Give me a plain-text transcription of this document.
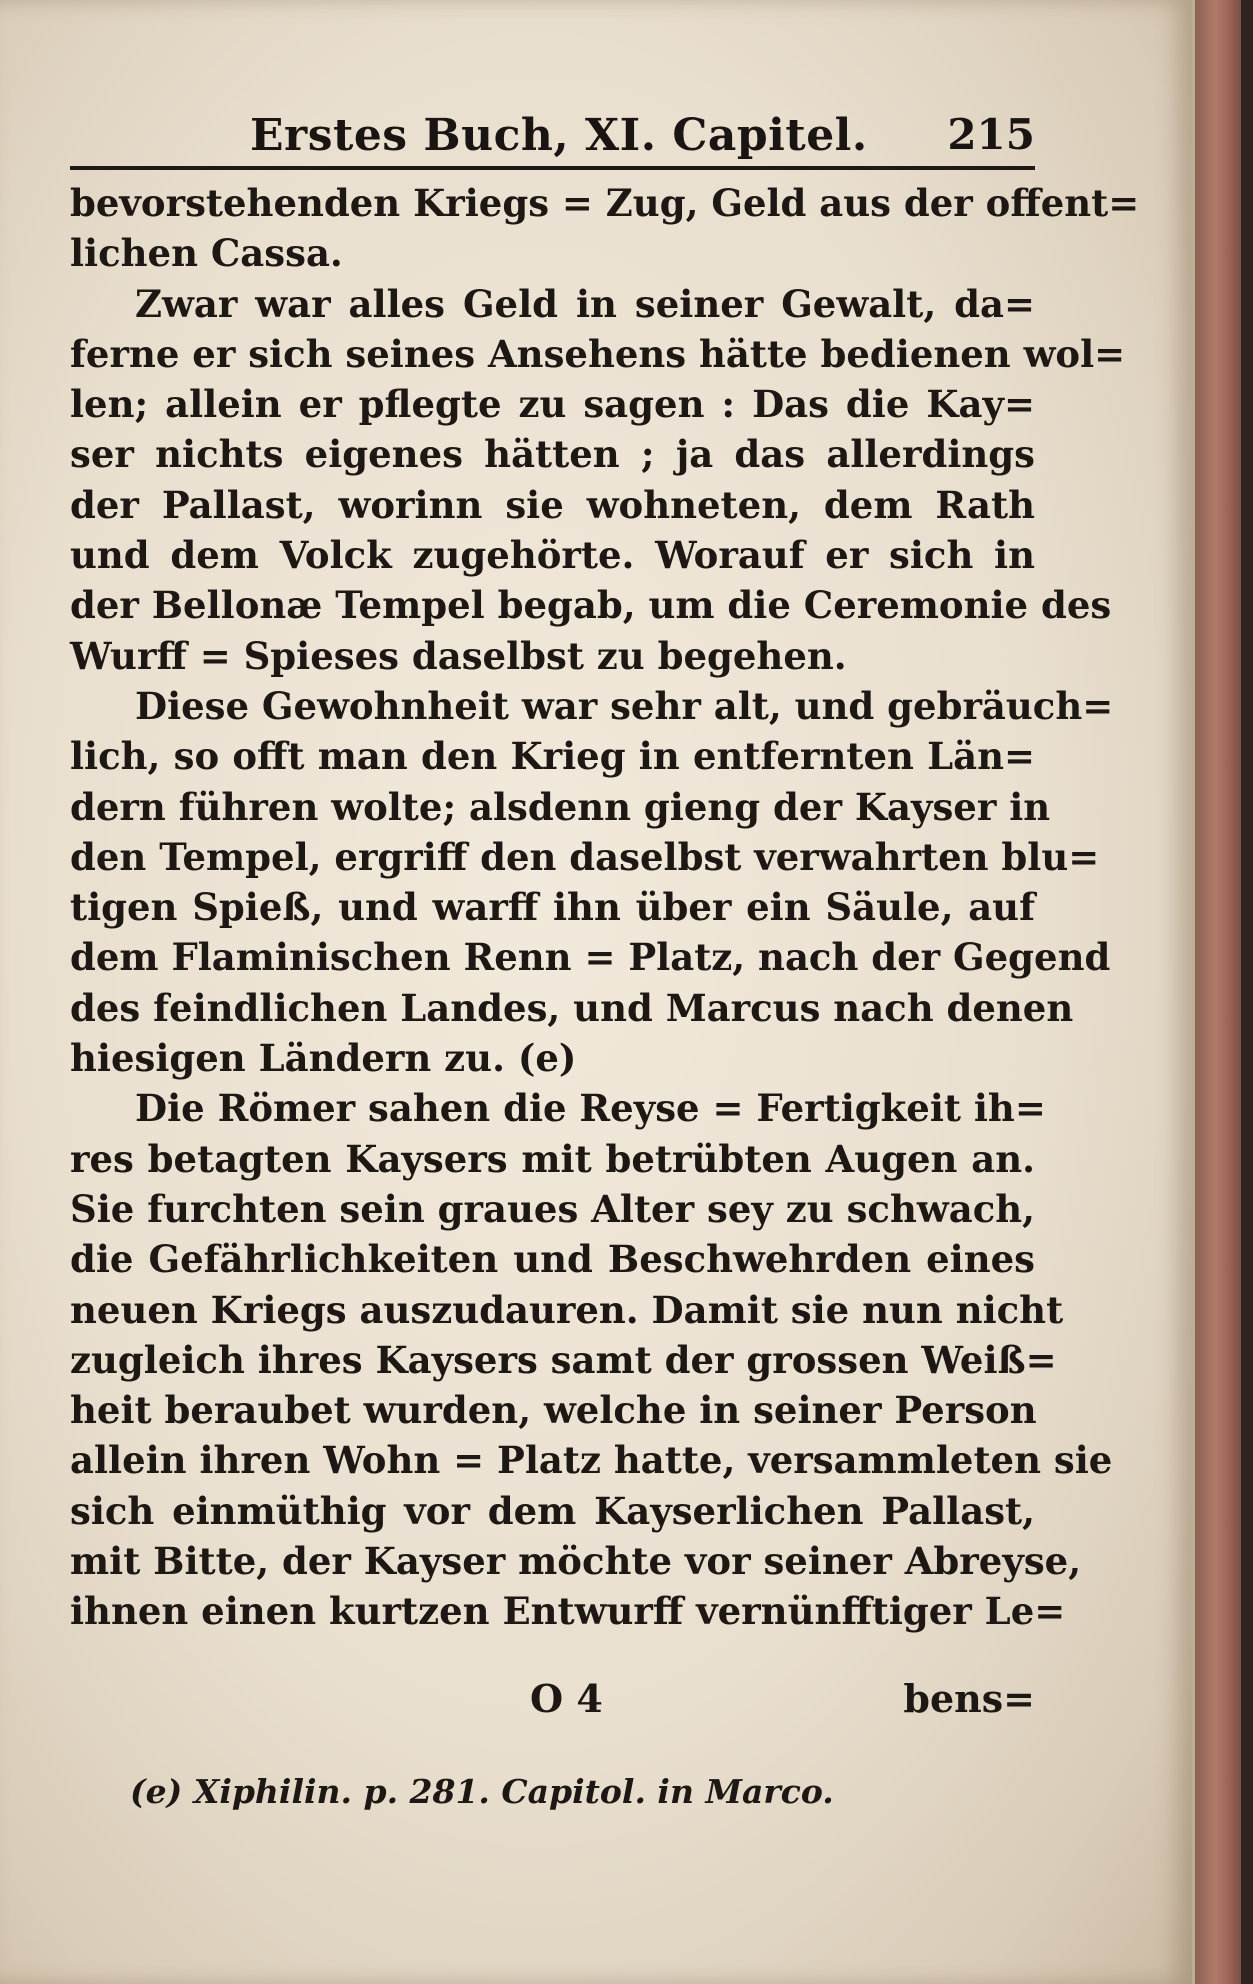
Erstes Buch, XI. Capitel. 215
bevorstehenden Kriegs = Zug, Geld aus der offent=
lichen Cassa.
Zwar war alles Geld in seiner Gewalt, da=
ferne er sich seines Ansehens hätte bedienen wol=
len; allein er pflegte zu sagen : Das die Kay=
ser nichts eigenes hätten ; ja das allerdings
der Pallast, worinn sie wohneten, dem Rath
und dem Volck zugehörte. Worauf er sich in
der Bellonæ Tempel begab, um die Ceremonie des
Wurff = Spieses daselbst zu begehen.
Diese Gewohnheit war sehr alt, und gebräuch=
lich, so offt man den Krieg in entfernten Län=
dern führen wolte; alsdenn gieng der Kayser in
den Tempel, ergriff den daselbst verwahrten blu=
tigen Spieß, und warff ihn über ein Säule, auf
dem Flaminischen Renn = Platz, nach der Gegend
des feindlichen Landes, und Marcus nach denen
hiesigen Ländern zu. (e)
Die Römer sahen die Reyse = Fertigkeit ih=
res betagten Kaysers mit betrübten Augen an.
Sie furchten sein graues Alter sey zu schwach,
die Gefährlichkeiten und Beschwehrden eines
neuen Kriegs auszudauren. Damit sie nun nicht
zugleich ihres Kaysers samt der grossen Weiß=
heit beraubet wurden, welche in seiner Person
allein ihren Wohn = Platz hatte, versammleten sie
sich einmüthig vor dem Kayserlichen Pallast,
mit Bitte, der Kayser möchte vor seiner Abreyse,
ihnen einen kurtzen Entwurff vernünfftiger Le=
O 4	bens=
(e) Xiphilin. p. 281. Capitol. in Marco.
